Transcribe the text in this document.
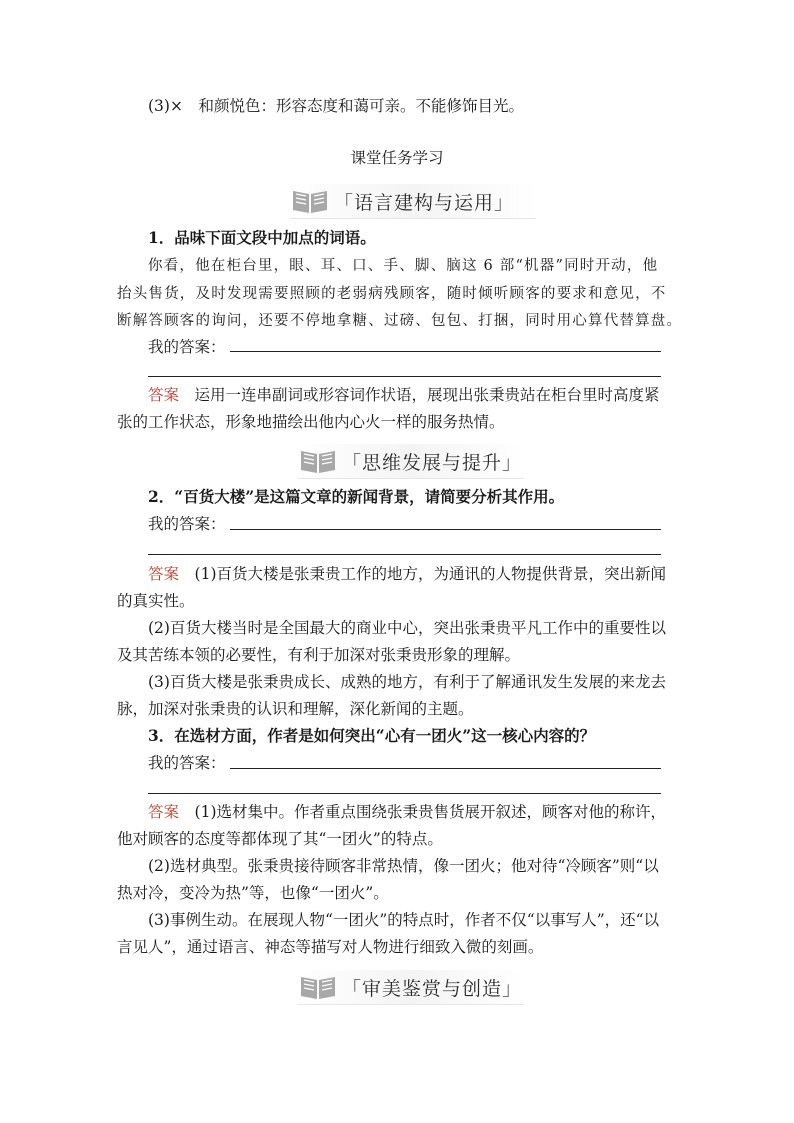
(3)×　和颜悦色：形容态度和蔼可亲。不能修饰目光。
课堂任务学习
「语言建构与运用」
1．品味下面文段中加点的词语。
你看，他在柜台里，眼、耳、口、手、脚、脑这 6 部“机器”同时开动，他
抬头售货，及时发现需要照顾的老弱病残顾客，随时倾听顾客的要求和意见，不
断解答顾客的询问，还要不停地拿糖、过磅、包包、打捆，同时用心算代替算盘。
我的答案：
答案　 运用一连串副词或形容词作状语，展现出张秉贵站在柜台里时高度紧
张的工作状态，形象地描绘出他内心火一样的服务热情。
「思维发展与提升」
2．“百货大楼”是这篇文章的新闻背景，请简要分析其作用。
我的答案：
答案　 (1)百货大楼是张秉贵工作的地方，为通讯的人物提供背景，突出新闻
的真实性。
(2)百货大楼当时是全国最大的商业中心，突出张秉贵平凡工作中的重要性以
及其苦练本领的必要性，有利于加深对张秉贵形象的理解。
(3)百货大楼是张秉贵成长、成熟的地方，有利于了解通讯发生发展的来龙去
脉，加深对张秉贵的认识和理解，深化新闻的主题。
3．在选材方面，作者是如何突出“心有一团火”这一核心内容的？
我的答案：
答案　 (1)选材集中。作者重点围绕张秉贵售货展开叙述，顾客对他的称许，
他对顾客的态度等都体现了其“一团火”的特点。
(2)选材典型。张秉贵接待顾客非常热情，像一团火；他对待“冷顾客”则“以
热对冷，变冷为热”等，也像“一团火”。
(3)事例生动。在展现人物“一团火”的特点时，作者不仅“以事写人”，还“以
言见人”，通过语言、神态等描写对人物进行细致入微的刻画。
「审美鉴赏与创造」
